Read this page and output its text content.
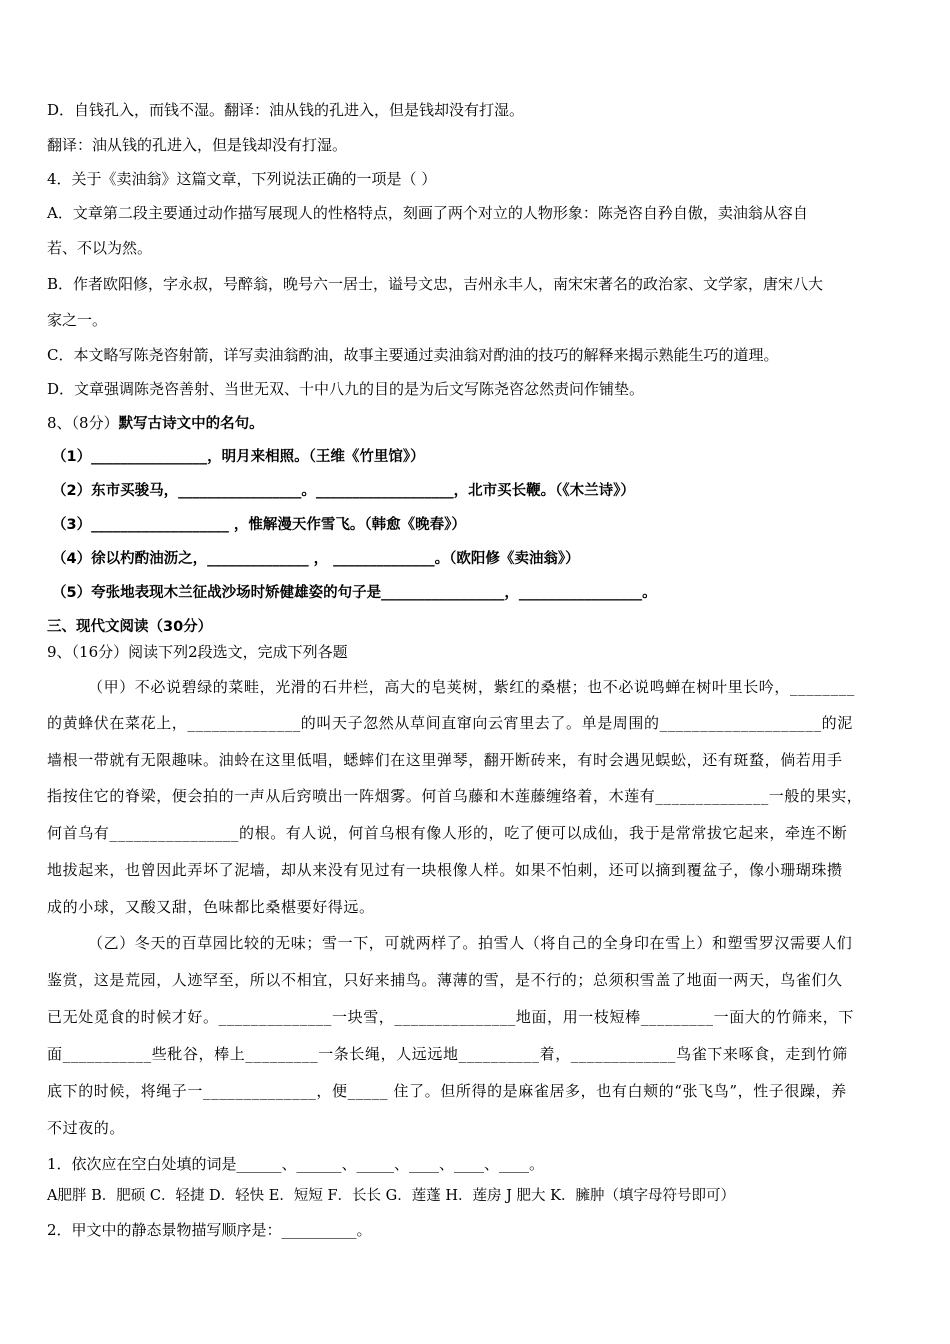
D．自钱孔入，而钱不湿。翻译：油从钱的孔进入，但是钱却没有打湿。
翻译：油从钱的孔进入，但是钱却没有打湿。
4．关于《卖油翁》这篇文章，下列说法正确的一项是（ ）
A．文章第二段主要通过动作描写展现人的性格特点，刻画了两个对立的人物形象：陈尧咨自矜自傲，卖油翁从容自
若、不以为然。
B．作者欧阳修，字永叔，号醉翁，晚号六一居士，谥号文忠，吉州永丰人，南宋宋著名的政治家、文学家，唐宋八大
家之一。
C．本文略写陈尧咨射箭，详写卖油翁酌油，故事主要通过卖油翁对酌油的技巧的解释来揭示熟能生巧的道理。
D．文章强调陈尧咨善射、当世无双、十中八九的目的是为后文写陈尧咨忿然责问作铺垫。
8、（8分）默写古诗文中的名句。
（1）________________，明月来相照。（王维《竹里馆》）
（2）东市买骏马，_________________。___________________，北市买长鞭。（《木兰诗》）
（3）___________________ ，惟解漫天作雪飞。（韩愈《晚春》）
（4）徐以杓酌油沥之，______________ ， ______________。（欧阳修《卖油翁》）
（5）夸张地表现木兰征战沙场时矫健雄姿的句子是_________________，_________________。
三、现代文阅读（30分）
9、（16分）阅读下列2段选文，完成下列各题
（甲）不必说碧绿的菜畦，光滑的石井栏，高大的皂荚树，紫红的桑椹；也不必说鸣蝉在树叶里长吟，________
的黄蜂伏在菜花上，______________的叫天子忽然从草间直窜向云宵里去了。单是周围的____________________的泥
墙根一带就有无限趣味。油蛉在这里低唱，蟋蟀们在这里弹琴，翻开断砖来，有时会遇见蜈蚣，还有斑蝥，倘若用手
指按住它的脊梁，便会拍的一声从后窍喷出一阵烟雾。何首乌藤和木莲藤缠络着，木莲有______________一般的果实，
何首乌有________________的根。有人说，何首乌根有像人形的，吃了便可以成仙，我于是常常拔它起来，牵连不断
地拔起来，也曾因此弄坏了泥墙，却从来没有见过有一块根像人样。如果不怕刺，还可以摘到覆盆子，像小珊瑚珠攒
成的小球，又酸又甜，色味都比桑椹要好得远。
（乙）冬天的百草园比较的无味；雪一下，可就两样了。拍雪人（将自己的全身印在雪上）和塑雪罗汉需要人们
鉴赏，这是荒园，人迹罕至，所以不相宜，只好来捕鸟。薄薄的雪，是不行的；总须积雪盖了地面一两天，鸟雀们久
已无处觅食的时候才好。______________一块雪，_______________地面，用一枝短棒_________一面大的竹筛来，下
面___________些秕谷，棒上_________一条长绳，人远远地__________着，_____________鸟雀下来啄食，走到竹筛
底下的时候，将绳子一______________，便_____ 住了。但所得的是麻雀居多，也有白颊的“张飞鸟”，性子很躁，养
不过夜的。
1．依次应在空白处填的词是______、______、_____、____、____、____。
A肥胖 B．肥硕 C．轻捷 D．轻快 E．短短 F．长长 G．莲蓬 H．莲房 J 肥大 K．臃肿（填字母符号即可）
2．甲文中的静态景物描写顺序是：__________。
